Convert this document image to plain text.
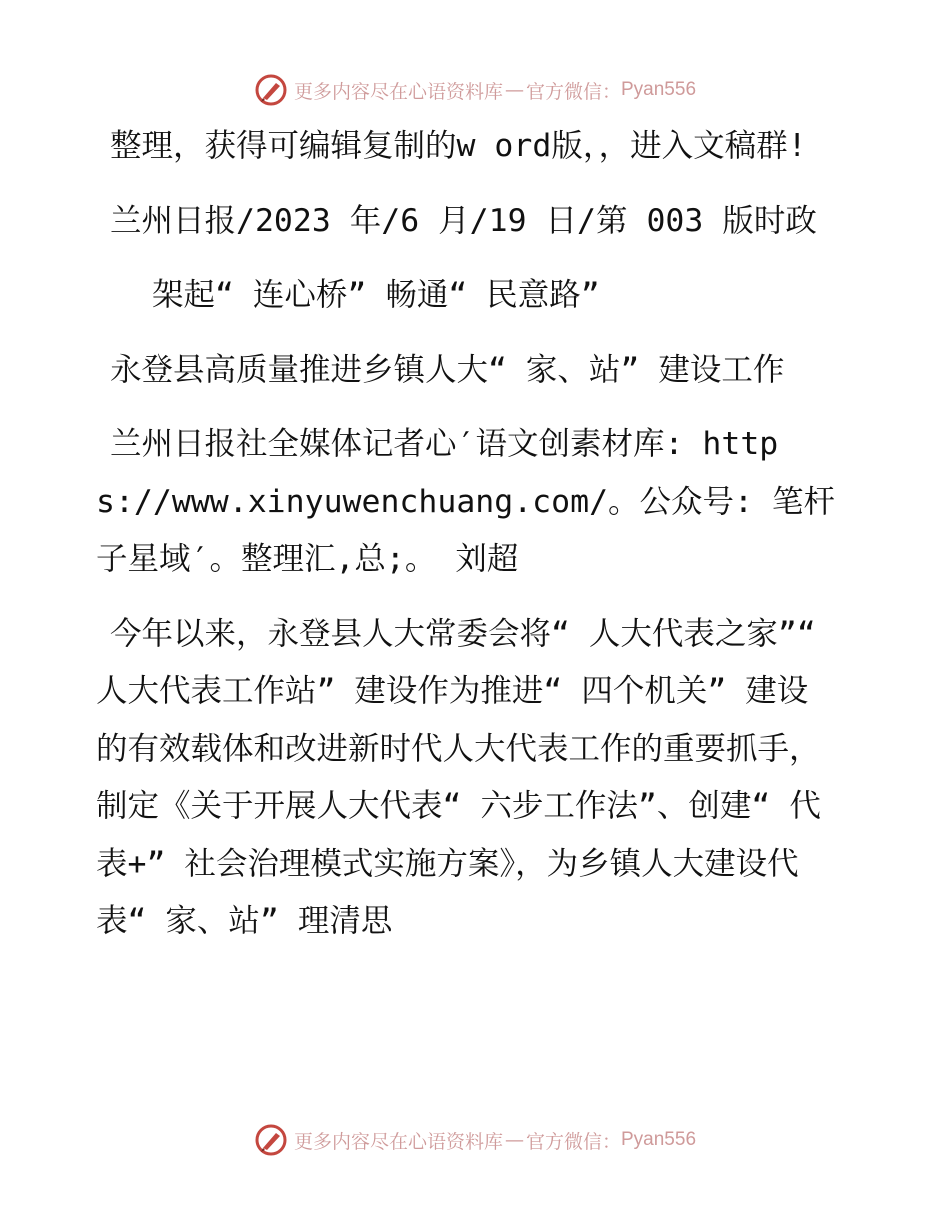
更多内容尽在心语资料库 — 官方微信： Pyan556

整理，获得可编辑复制的w ord版，，进入文稿群!

兰州日报/2023 年/6 月/19 日/第 003 版时政

架起“ 连心桥” 畅通“ 民意路”

永登县高质量推进乡镇人大“ 家、站” 建设工作

兰州日报社全媒体记者心′语文创素材库: https://www.xinyuwenchuang.com/。公众号: 笔杆子星域′。整理汇,总;。 刘超

今年以来，永登县人大常委会将“ 人大代表之家”“ 人大代表工作站” 建设作为推进“ 四个机关” 建设的有效载体和改进新时代人大代表工作的重要抓手，制定《关于开展人大代表“ 六步工作法”、创建“ 代表+” 社会治理模式实施方案》，为乡镇人大建设代表“ 家、站” 理清思

更多内容尽在心语资料库 — 官方微信： Pyan556
